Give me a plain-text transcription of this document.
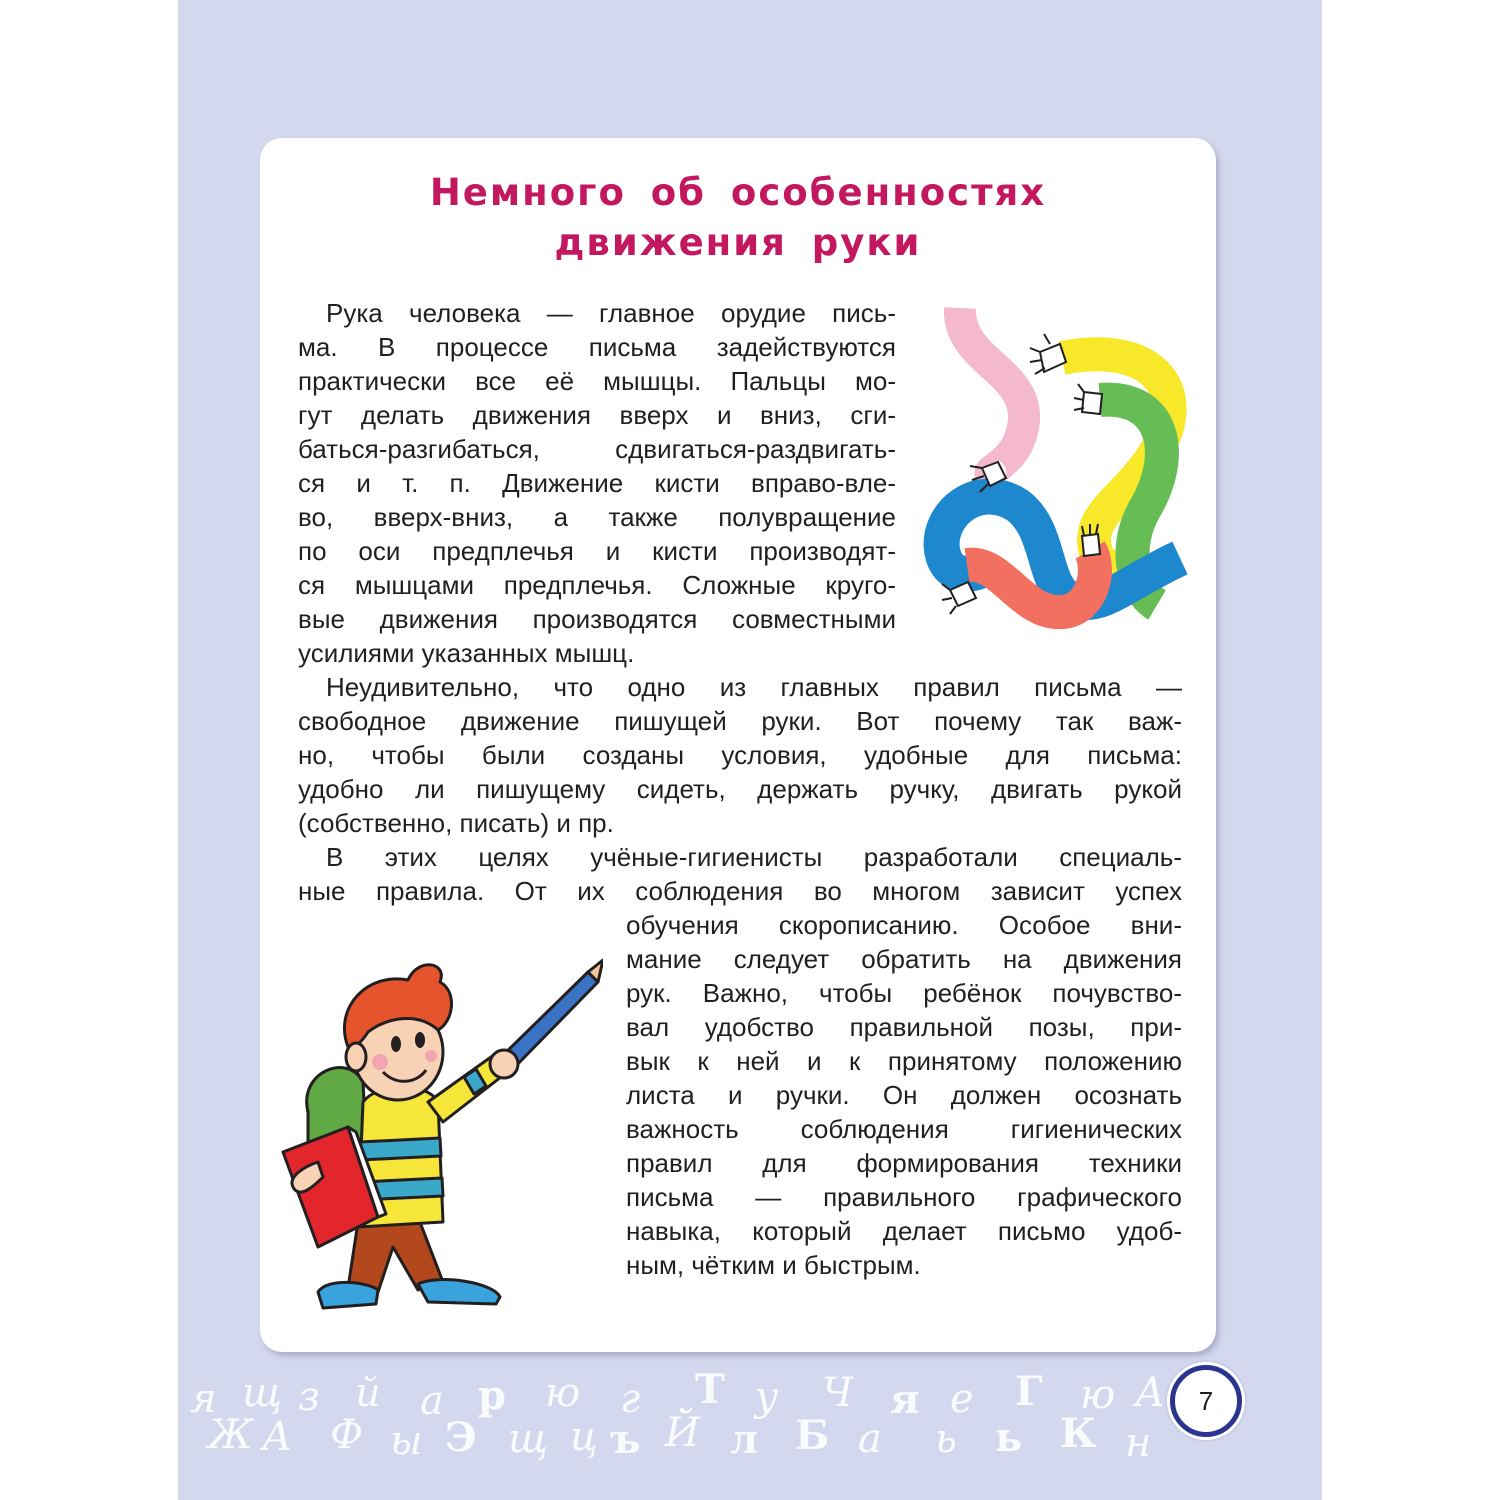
Немного об особенностях
движения руки
Рука человека — главное орудие пись-
ма. В процессе письма задействуются
практически все её мышцы. Пальцы мо-
гут делать движения вверх и вниз, сги-
баться-разгибаться, сдвигаться-раздвигать-
ся и т. п. Движение кисти вправо-вле-
во, вверх-вниз, а также полувращение
по оси предплечья и кисти производят-
ся мышцами предплечья. Сложные круго-
вые движения производятся совместными
усилиями указанных мышц.
Неудивительно, что одно из главных правил письма —
свободное движение пишущей руки. Вот почему так важ-
но, чтобы были созданы условия, удобные для письма:
удобно ли пишущему сидеть, держать ручку, двигать рукой
(собственно, писать) и пр.
В этих целях учёные-гигиенисты разработали специаль-
ные правила. От их соблюдения во многом зависит успех
обучения скорописанию. Особое вни-
мание следует обратить на движения
рук. Важно, чтобы ребёнок почувство-
вал удобство правильной позы, при-
вык к ней и к принятому положению
листа и ручки. Он должен осознать
важность соблюдения гигиенических
правил для формирования техники
письма — правильного графического
навыка, который делает письмо удоб-
ным, чётким и быстрым.
я щ з й а р ю г Т у Ч я е Г ю А
Ж А Ф ы Э щ ц ъ Й л Б а ь ь К н
7
